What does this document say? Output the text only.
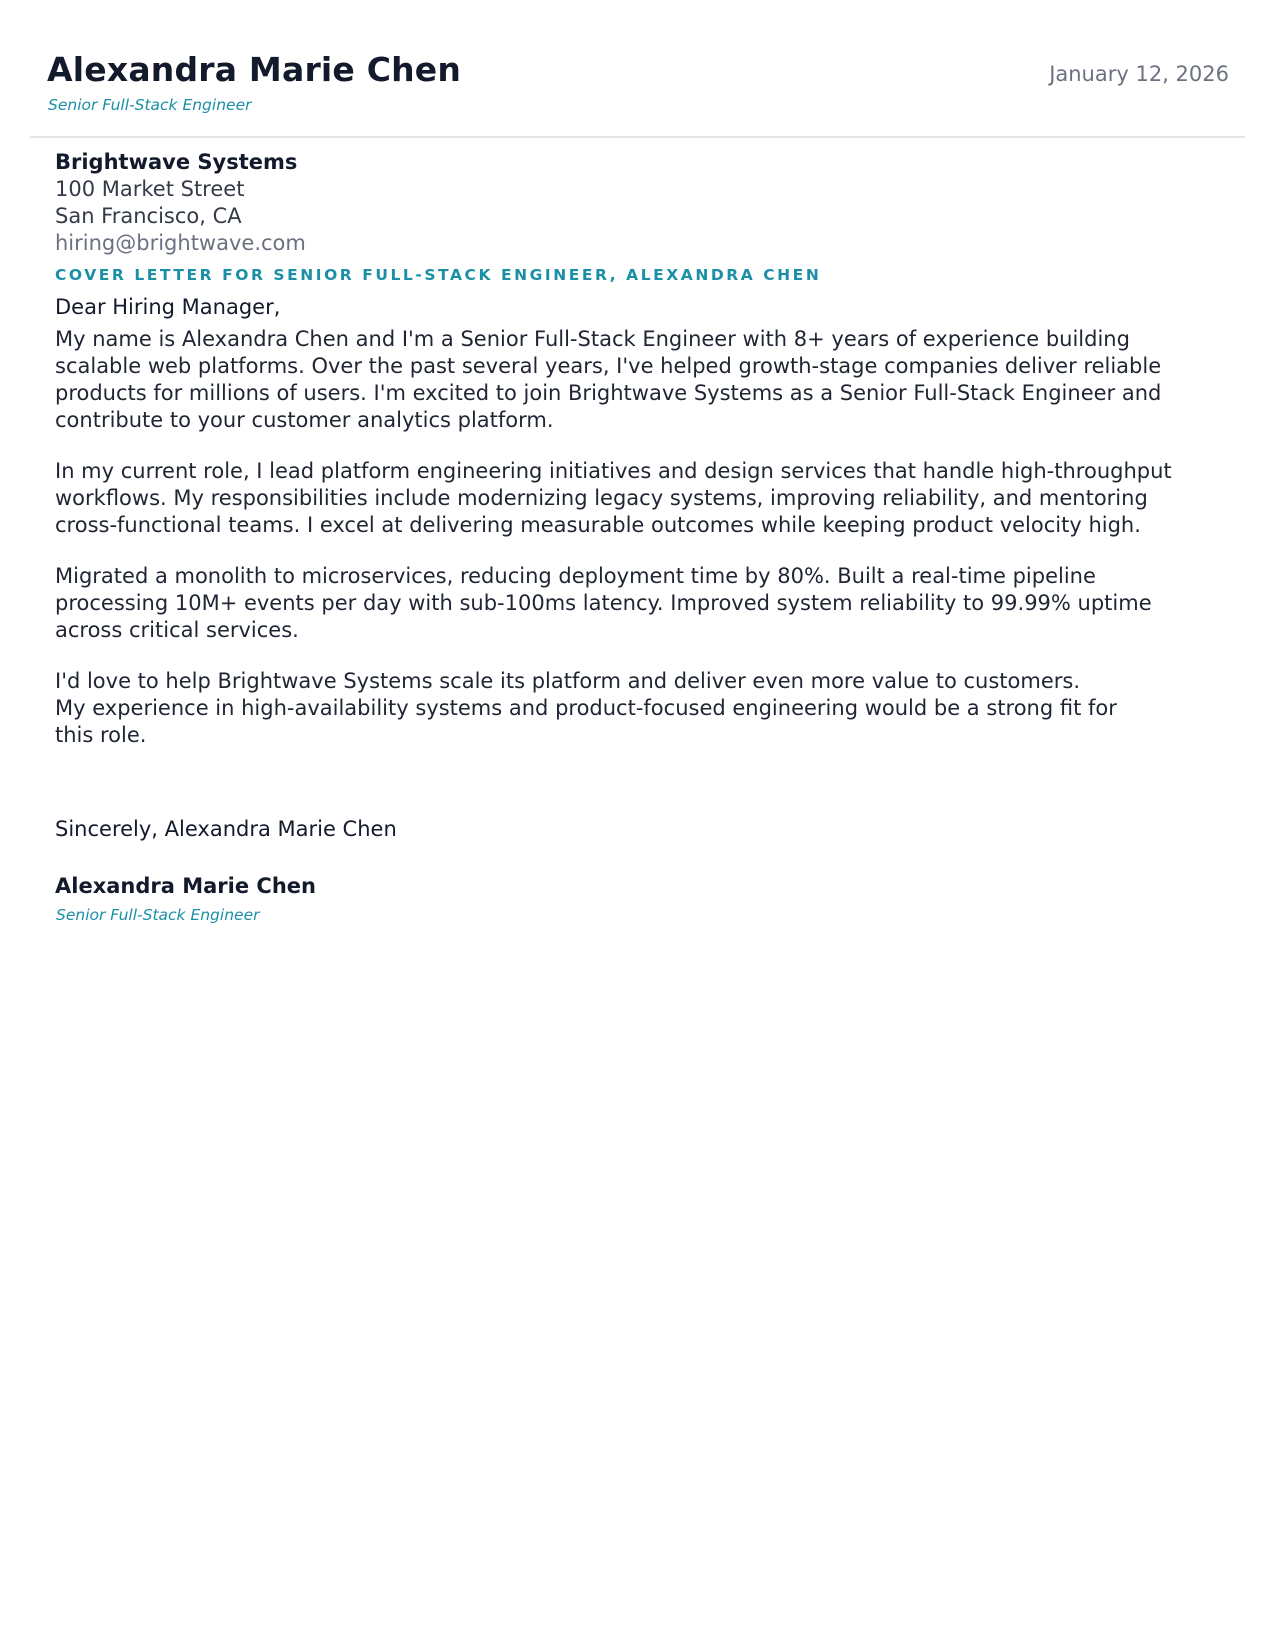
Alexandra Marie Chen
Senior Full-Stack Engineer
January 12, 2026
Brightwave Systems
100 Market Street
San Francisco, CA
hiring@brightwave.com
COVER LETTER FOR SENIOR FULL-STACK ENGINEER, ALEXANDRA CHEN
Dear Hiring Manager,
My name is Alexandra Chen and I'm a Senior Full-Stack Engineer with 8+ years of experience building
scalable web platforms. Over the past several years, I've helped growth-stage companies deliver reliable
products for millions of users. I'm excited to join Brightwave Systems as a Senior Full-Stack Engineer and
contribute to your customer analytics platform.
In my current role, I lead platform engineering initiatives and design services that handle high-throughput
workflows. My responsibilities include modernizing legacy systems, improving reliability, and mentoring
cross-functional teams. I excel at delivering measurable outcomes while keeping product velocity high.
Migrated a monolith to microservices, reducing deployment time by 80%. Built a real-time pipeline
processing 10M+ events per day with sub-100ms latency. Improved system reliability to 99.99% uptime
across critical services.
I'd love to help Brightwave Systems scale its platform and deliver even more value to customers.
My experience in high-availability systems and product-focused engineering would be a strong fit for
this role.
Sincerely, Alexandra Marie Chen
Alexandra Marie Chen
Senior Full-Stack Engineer
